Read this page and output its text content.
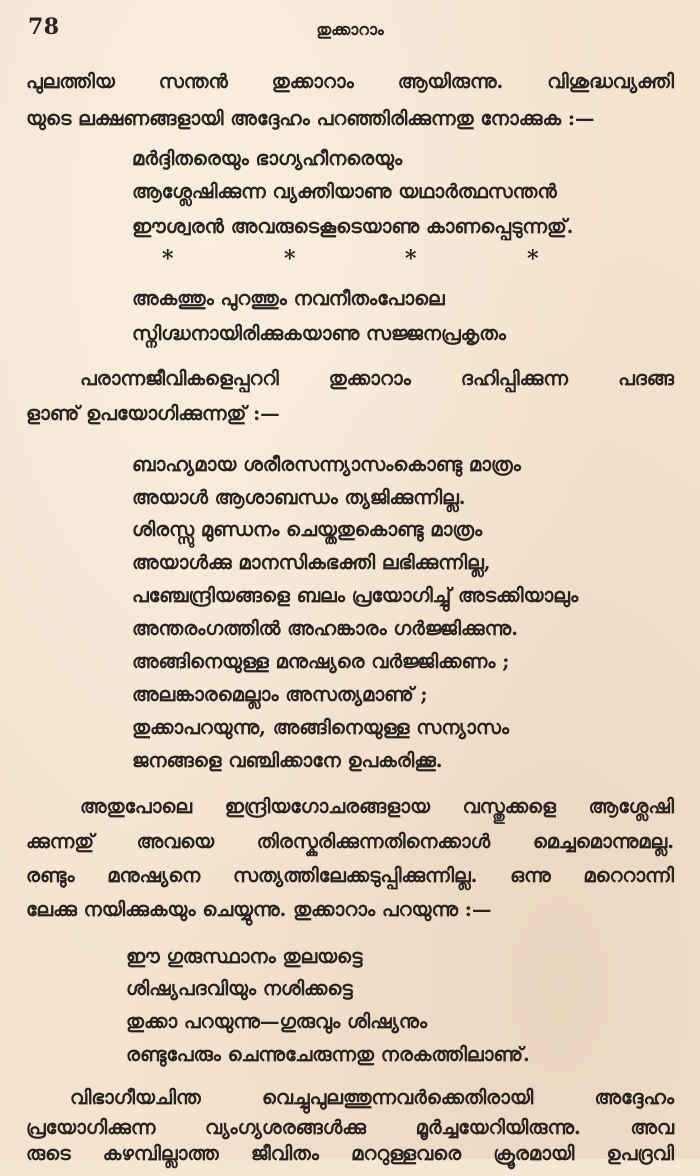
78	തുക്കാറാം
പുലത്തിയ സന്തൻ തുക്കാറാം ആയിരുന്നു. വിശുദ്ധവ്യക്തി
യുടെ ലക്ഷണങ്ങളായി അദ്ദേഹം പറഞ്ഞിരിക്കുന്നതു നോക്കുക :—
മർദ്ദിതരെയും ഭാഗ്യഹീനരെയും
ആശ്ലേഷിക്കുന്ന വ്യക്തിയാണു യഥാർത്ഥസന്തൻ
ഈശ്വരൻ അവരുടെകൂടെയാണു കാണപ്പെടുന്നതു്.
*	*	*	*
അകത്തും പുറത്തും നവനീതംപോലെ
സ്നിഗ്ദ്ധനായിരിക്കുകയാണു സജ്ജനപ്രകൃതം
പരാന്നജീവികളെപ്പററി തുക്കാറാം ദഹിപ്പിക്കുന്ന പദങ്ങ
ളാണു് ഉപയോഗിക്കുന്നതു് :—
ബാഹ്യമായ ശരീരസന്ന്യാസംകൊണ്ടു മാത്രം
അയാൾ ആശാബന്ധം ത്യജിക്കുന്നില്ല.
ശിരസ്സു മുണ്ഡനം ചെയ്തതുകൊണ്ടു മാത്രം
അയാൾക്കു മാനസികഭക്തി ലഭിക്കുന്നില്ല,
പഞ്ചേന്ദ്രിയങ്ങളെ ബലം പ്രയോഗിച്ചു് അടക്കിയാലും
അന്തരംഗത്തിൽ അഹങ്കാരം ഗർജ്ജിക്കുന്നു.
അങ്ങിനെയുള്ള മനുഷ്യരെ വർജ്ജിക്കണം ;
അലങ്കാരമെല്ലാം അസത്യമാണു് ;
തുക്കാപറയുന്നു, അങ്ങിനെയുള്ള സന്യാസം
ജനങ്ങളെ വഞ്ചിക്കാനേ ഉപകരിക്കൂ.
അതുപോലെ ഇന്ദ്രിയഗോചരങ്ങളായ വസ്തുക്കളെ ആശ്ലേഷി
ക്കുന്നതു് അവയെ തിരസ്കരിക്കുന്നതിനെക്കാൾ മെച്ചമൊന്നുമല്ല.
രണ്ടും മനുഷ്യനെ സത്യത്തിലേക്കടുപ്പിക്കുന്നില്ല. ഒന്നു മറെറാന്നി
ലേക്കു നയിക്കുകയും ചെയ്യുന്നു. തുക്കാറാം പറയുന്നു :—
ഈ ഗുരുസ്ഥാനം തുലയട്ടെ
ശിഷ്യപദവിയും നശിക്കട്ടെ
തുക്കാ പറയുന്നു—ഗുരുവും ശിഷ്യനും
രണ്ടുപേരും ചെന്നുചേരുന്നതു നരകത്തിലാണു്.
വിഭാഗീയചിന്ത വെച്ചുപുലത്തുന്നവർക്കെതിരായി അദ്ദേഹം
പ്രയോഗിക്കുന്ന വ്യംഗ്യശരങ്ങൾക്കു മൂർച്ചയേറിയിരുന്നു. അവ
രുടെ കഴമ്പില്ലാത്ത ജീവിതം മററുള്ളവരെ ക്രൂരമായി ഉപദ്രവി
